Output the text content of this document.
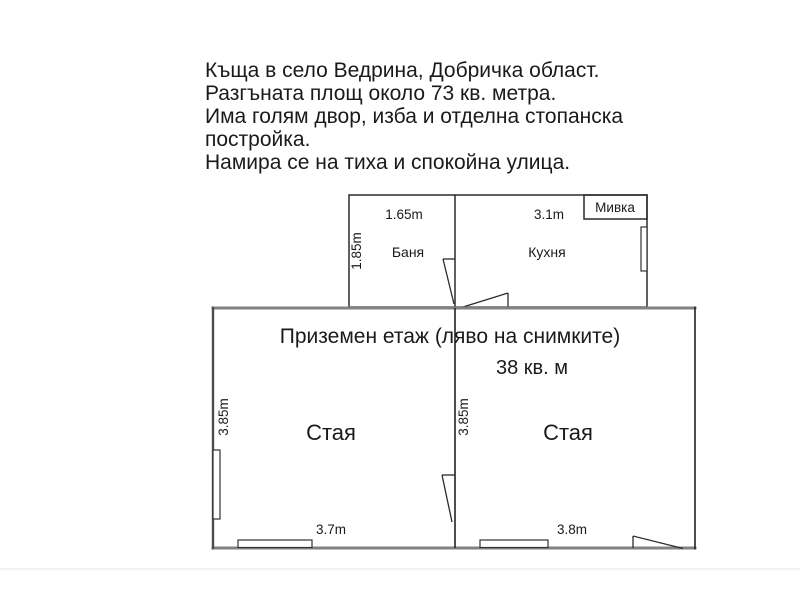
Къща в село Ведрина, Добричка област.
Разгъната площ около 73 кв. метра.
Има голям двор, изба и отделна стопанска
постройка.
Намира се на тиха и спокойна улица.
1.65m	3.1m Мивка
1.85m Баня	Кухня
Приземен етаж (ляво на снимките)
38 кв. м
3.85m	3.85m
Стая	Стая
3.7m	3.8m
